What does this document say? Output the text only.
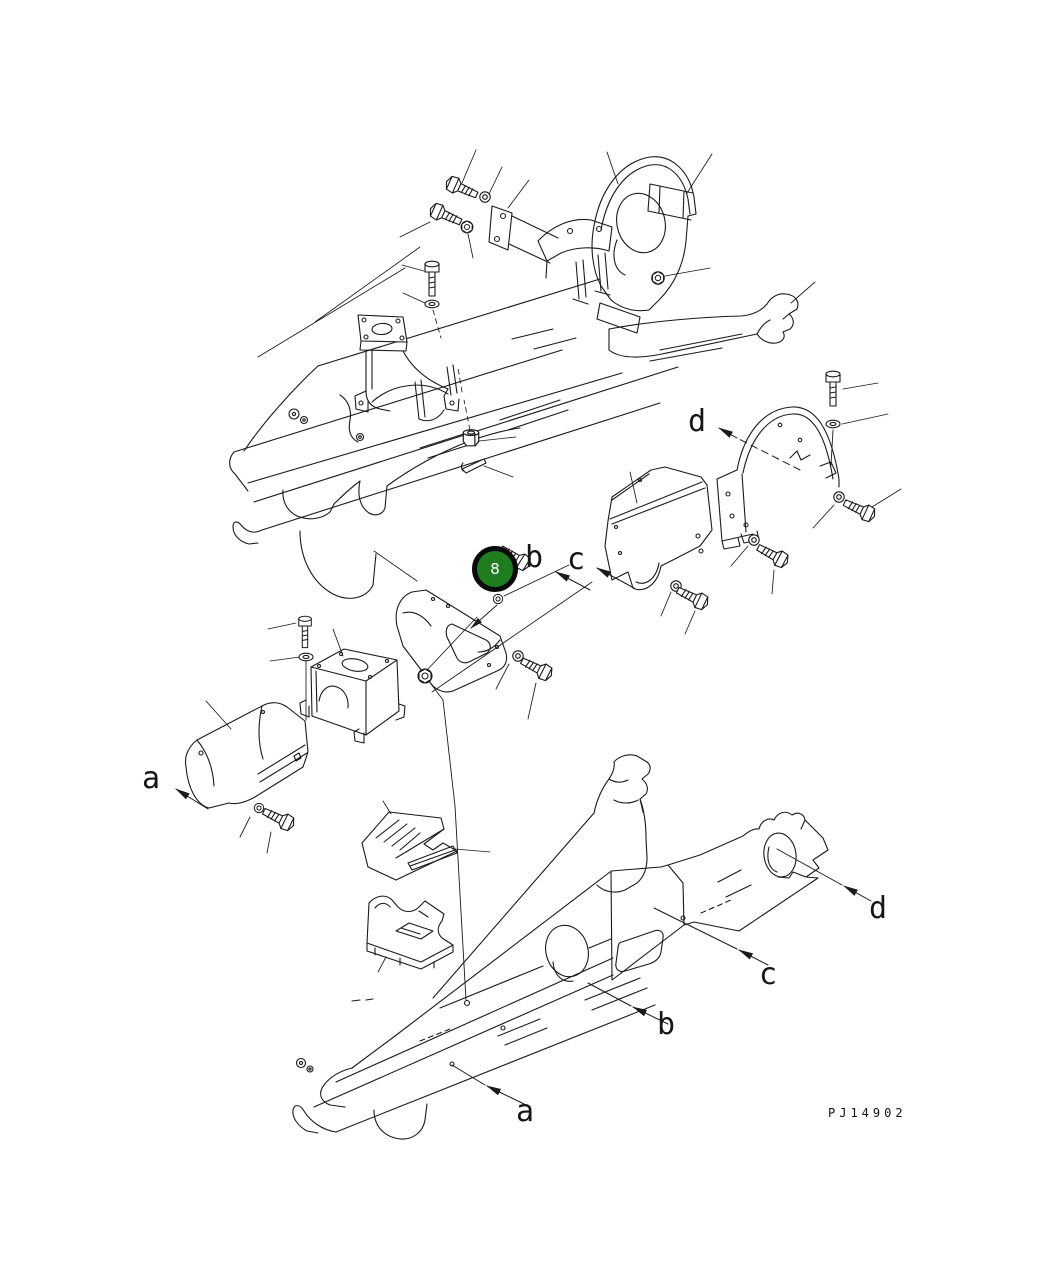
a
b c
d
a
b
c
d
8
PJ14902
